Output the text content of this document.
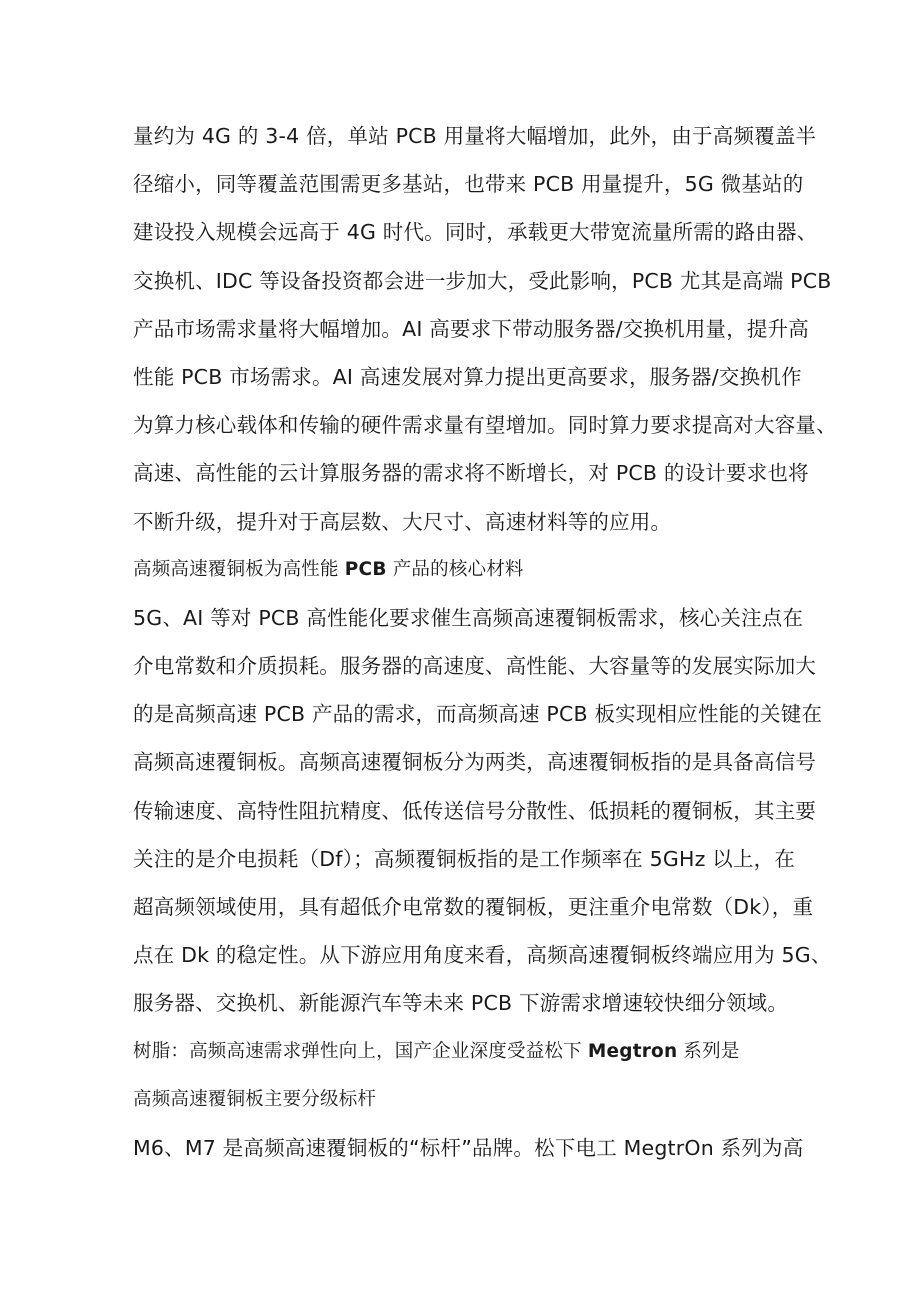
量约为 4G 的 3-4 倍，单站 PCB 用量将大幅增加，此外，由于高频覆盖半
径缩小，同等覆盖范围需更多基站，也带来 PCB 用量提升，5G 微基站的
建设投入规模会远高于 4G 时代。同时，承载更大带宽流量所需的路由器、
交换机、IDC 等设备投资都会进一步加大，受此影响，PCB 尤其是高端 PCB
产品市场需求量将大幅增加。AI 高要求下带动服务器/交换机用量，提升高
性能 PCB 市场需求。AI 高速发展对算力提出更高要求，服务器/交换机作
为算力核心载体和传输的硬件需求量有望增加。同时算力要求提高对大容量、
高速、高性能的云计算服务器的需求将不断增长，对 PCB 的设计要求也将
不断升级，提升对于高层数、大尺寸、高速材料等的应用。
高频高速覆铜板为高性能 PCB 产品的核心材料
5G、AI 等对 PCB 高性能化要求催生高频高速覆铜板需求，核心关注点在
介电常数和介质损耗。服务器的高速度、高性能、大容量等的发展实际加大
的是高频高速 PCB 产品的需求，而高频高速 PCB 板实现相应性能的关键在
高频高速覆铜板。高频高速覆铜板分为两类，高速覆铜板指的是具备高信号
传输速度、高特性阻抗精度、低传送信号分散性、低损耗的覆铜板，其主要
关注的是介电损耗（Df）；高频覆铜板指的是工作频率在 5GHz 以上，在
超高频领域使用，具有超低介电常数的覆铜板，更注重介电常数（Dk），重
点在 Dk 的稳定性。从下游应用角度来看，高频高速覆铜板终端应用为 5G、
服务器、交换机、新能源汽车等未来 PCB 下游需求增速较快细分领域。
树脂：高频高速需求弹性向上，国产企业深度受益松下 Megtron 系列是
高频高速覆铜板主要分级标杆
M6、M7 是高频高速覆铜板的“标杆”品牌。松下电工 MegtrOn 系列为高
